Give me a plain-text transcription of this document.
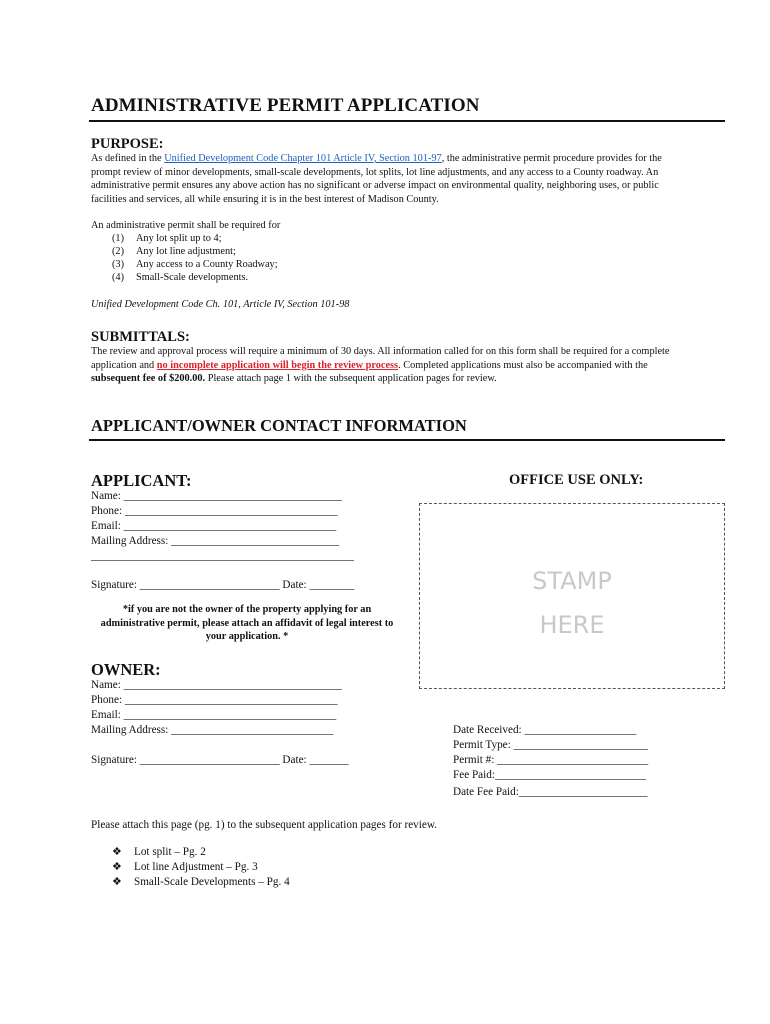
ADMINISTRATIVE PERMIT APPLICATION
PURPOSE:
As defined in the Unified Development Code Chapter 101 Article IV, Section 101-97, the administrative permit procedure provides for the prompt review of minor developments, small-scale developments, lot splits, lot line adjustments, and any access to a County roadway. An administrative permit ensures any above action has no significant or adverse impact on environmental quality, neighboring uses, or public facilities and services, all while ensuring it is in the best interest of Madison County.
An administrative permit shall be required for
(1) Any lot split up to 4;
(2) Any lot line adjustment;
(3) Any access to a County Roadway;
(4) Small-Scale developments.
Unified Development Code Ch. 101, Article IV, Section 101-98
SUBMITTALS:
The review and approval process will require a minimum of 30 days. All information called for on this form shall be required for a complete application and no incomplete application will begin the review process. Completed applications must also be accompanied with the subsequent fee of $200.00. Please attach page 1 with the subsequent application pages for review.
APPLICANT/OWNER CONTACT INFORMATION
APPLICANT:
Name: _______________________________________
Phone: ______________________________________
Email: ______________________________________
Mailing Address: ______________________________
_______________________________________________
Signature: _________________________ Date: ________
*if you are not the owner of the property applying for an administrative permit, please attach an affidavit of legal interest to your application. *
OFFICE USE ONLY:
STAMP
HERE
Date Received: ____________________
Permit Type: ________________________
Permit #: ___________________________
Fee Paid:___________________________
Date Fee Paid:_______________________
OWNER:
Name: _______________________________________
Phone: ______________________________________
Email: ______________________________________
Mailing Address: _____________________________
Signature: _________________________ Date: _______
Please attach this page (pg. 1) to the subsequent application pages for review.
❖ Lot split – Pg. 2
❖ Lot line Adjustment – Pg. 3
❖ Small-Scale Developments – Pg. 4
